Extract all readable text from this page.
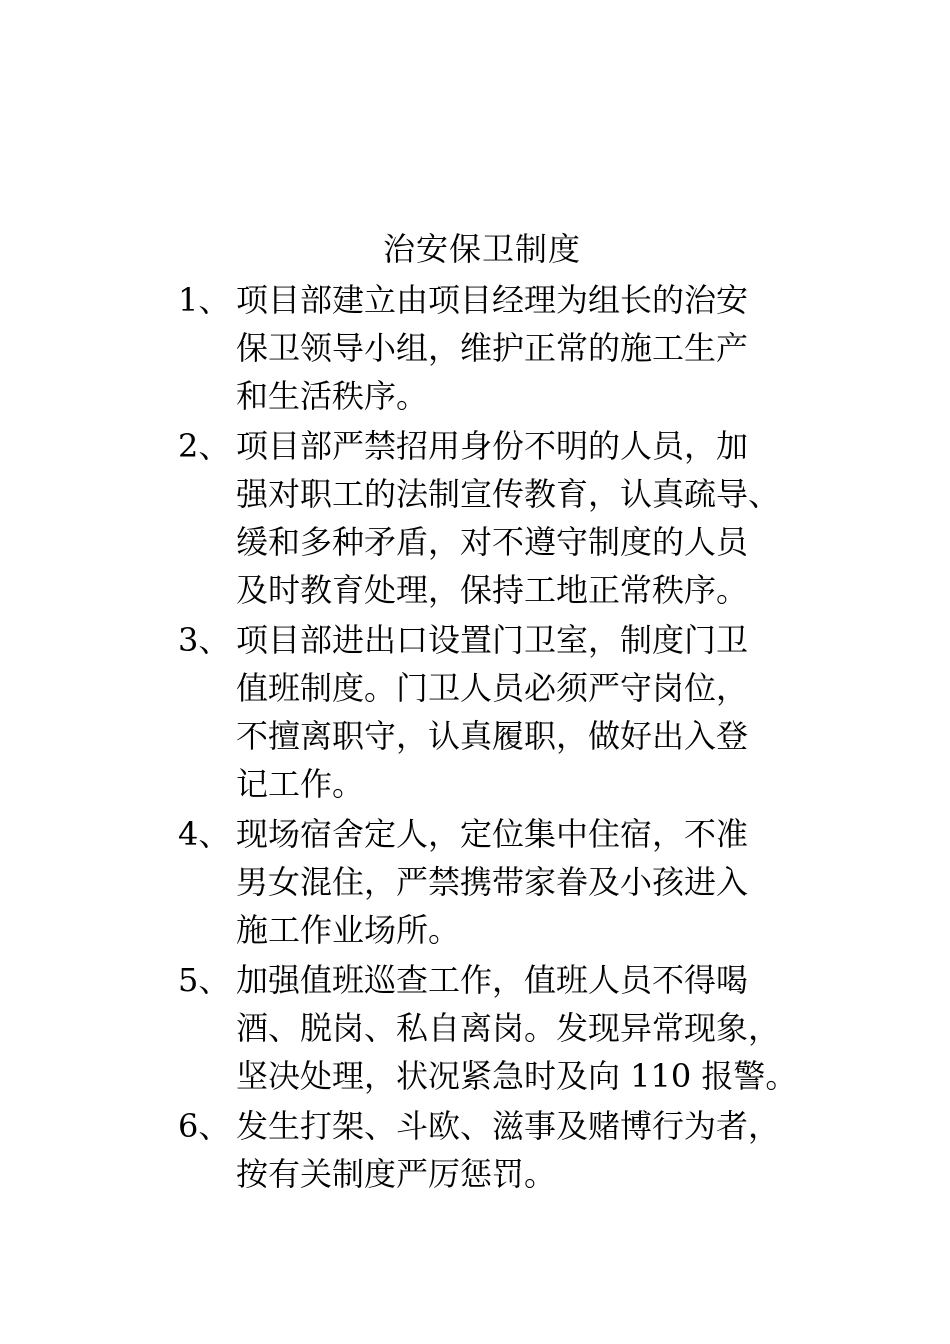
治安保卫制度
1、 项目部建立由项目经理为组长的治安
保卫领导小组，维护正常的施工生产
和生活秩序。
2、 项目部严禁招用身份不明的人员，加
强对职工的法制宣传教育，认真疏导、
缓和多种矛盾，对不遵守制度的人员
及时教育处理，保持工地正常秩序。
3、 项目部进出口设置门卫室，制度门卫
值班制度。门卫人员必须严守岗位，
不擅离职守，认真履职，做好出入登
记工作。
4、 现场宿舍定人，定位集中住宿，不准
男女混住，严禁携带家眷及小孩进入
施工作业场所。
5、 加强值班巡查工作，值班人员不得喝
酒、脱岗、私自离岗。发现异常现象，
坚决处理，状况紧急时及向 110 报警。
6、 发生打架、斗欧、滋事及赌博行为者，
按有关制度严厉惩罚。
